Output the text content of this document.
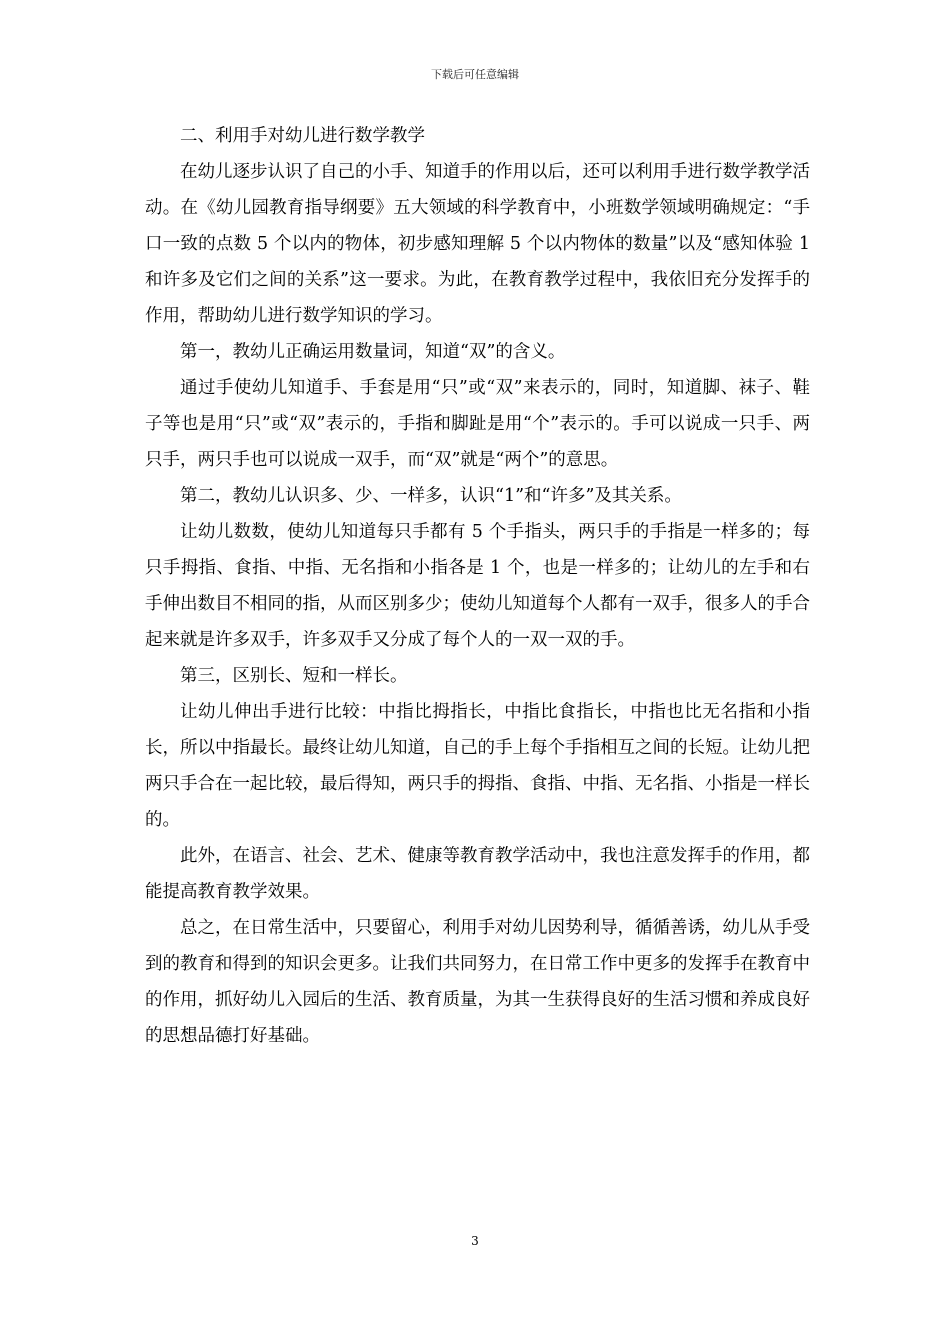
下载后可任意编辑
二、利用手对幼儿进行数学教学

在幼儿逐步认识了自己的小手、知道手的作用以后，还可以利用手进行数学教学活动。在《幼儿园教育指导纲要》五大领域的科学教育中，小班数学领域明确规定：“手口一致的点数 5 个以内的物体，初步感知理解 5 个以内物体的数量”以及“感知体验 1 和许多及它们之间的关系”这一要求。为此，在教育教学过程中，我依旧充分发挥手的作用，帮助幼儿进行数学知识的学习。

第一，教幼儿正确运用数量词，知道“双”的含义。

通过手使幼儿知道手、手套是用“只”或“双”来表示的，同时，知道脚、袜子、鞋子等也是用“只”或“双”表示的，手指和脚趾是用“个”表示的。手可以说成一只手、两只手，两只手也可以说成一双手，而“双”就是“两个”的意思。

第二，教幼儿认识多、少、一样多，认识“1”和“许多”及其关系。

让幼儿数数，使幼儿知道每只手都有 5 个手指头，两只手的手指是一样多的；每只手拇指、食指、中指、无名指和小指各是 1 个，也是一样多的；让幼儿的左手和右手伸出数目不相同的指，从而区别多少；使幼儿知道每个人都有一双手，很多人的手合起来就是许多双手，许多双手又分成了每个人的一双一双的手。

第三，区别长、短和一样长。

让幼儿伸出手进行比较：中指比拇指长，中指比食指长，中指也比无名指和小指长，所以中指最长。最终让幼儿知道，自己的手上每个手指相互之间的长短。让幼儿把两只手合在一起比较，最后得知，两只手的拇指、食指、中指、无名指、小指是一样长的。

此外，在语言、社会、艺术、健康等教育教学活动中，我也注意发挥手的作用，都能提高教育教学效果。

总之，在日常生活中，只要留心，利用手对幼儿因势利导，循循善诱，幼儿从手受到的教育和得到的知识会更多。让我们共同努力，在日常工作中更多的发挥手在教育中的作用，抓好幼儿入园后的生活、教育质量，为其一生获得良好的生活习惯和养成良好的思想品德打好基础。

3
